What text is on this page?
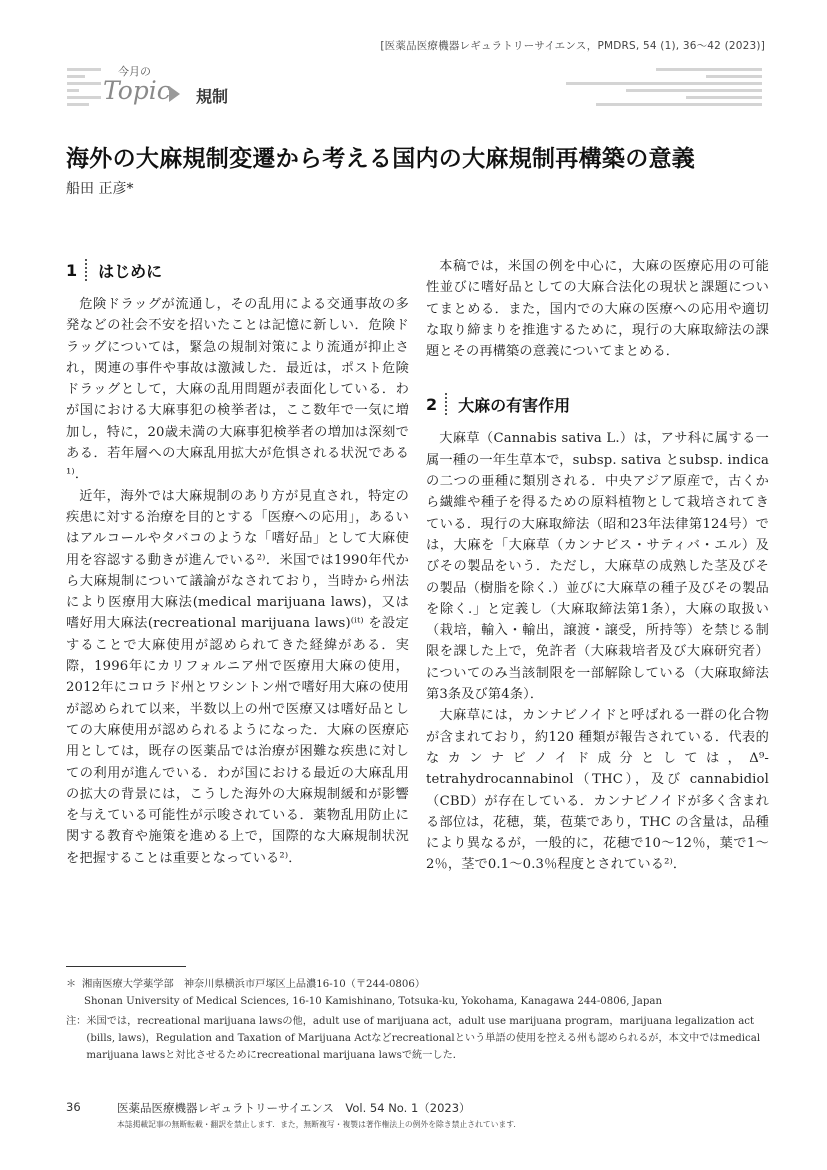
[医薬品医療機器レギュラトリーサイエンス，PMDRS, 54 (1), 36〜42 (2023)]
今月の
Topic 規制
海外の大麻規制変遷から考える国内の大麻規制再構築の意義
船田 正彦*
1 はじめに

危険ドラッグが流通し，その乱用による交通事故の多発などの社会不安を招いたことは記憶に新しい．危険ドラッグについては，緊急の規制対策により流通が抑止され，関連の事件や事故は激減した．最近は，ポスト危険ドラッグとして，大麻の乱用問題が表面化している．わが国における大麻事犯の検挙者は，ここ数年で一気に増加し，特に，20歳未満の大麻事犯検挙者の増加は深刻である．若年層への大麻乱用拡大が危惧される状況である¹⁾．

近年，海外では大麻規制のあり方が見直され，特定の疾患に対する治療を目的とする「医療への応用」，あるいはアルコールやタバコのような「嗜好品」として大麻使用を容認する動きが進んでいる²⁾．米国では1990年代から大麻規制について議論がなされており，当時から州法により医療用大麻法(medical marijuana laws)，又は嗜好用大麻法(recreational marijuana laws)⁽ⁱᵗ⁾ を設定することで大麻使用が認められてきた経緯がある．実際，1996年にカリフォルニア州で医療用大麻の使用，2012年にコロラド州とワシントン州で嗜好用大麻の使用が認められて以来，半数以上の州で医療又は嗜好品としての大麻使用が認められるようになった．大麻の医療応用としては，既存の医薬品では治療が困難な疾患に対しての利用が進んでいる．わが国における最近の大麻乱用の拡大の背景には，こうした海外の大麻規制緩和が影響を与えている可能性が示唆されている．薬物乱用防止に関する教育や施策を進める上で，国際的な大麻規制状況を把握することは重要となっている²⁾．

本稿では，米国の例を中心に，大麻の医療応用の可能性並びに嗜好品としての大麻合法化の現状と課題についてまとめる．また，国内での大麻の医療への応用や適切な取り締まりを推進するために，現行の大麻取締法の課題とその再構築の意義についてまとめる．

2 大麻の有害作用

大麻草（Cannabis sativa L.）は，アサ科に属する一属一種の一年生草本で，subsp. sativa とsubsp. indica の二つの亜種に類別される．中央アジア原産で，古くから繊維や種子を得るための原料植物として栽培されてきている．現行の大麻取締法（昭和23年法律第124号）では，大麻を「大麻草（カンナビス・サティバ・エル）及びその製品をいう．ただし，大麻草の成熟した茎及びその製品（樹脂を除く.）並びに大麻草の種子及びその製品を除く.」と定義し（大麻取締法第1条），大麻の取扱い（栽培，輸入・輸出，譲渡・譲受，所持等）を禁じる制限を課した上で，免許者（大麻栽培者及び大麻研究者）についてのみ当該制限を一部解除している（大麻取締法第3条及び第4条）．

大麻草には，カンナビノイドと呼ばれる一群の化合物が含まれており，約120 種類が報告されている．代表的なカンナビノイド成分としては，Δ⁹-tetrahydrocannabinol（THC），及び cannabidiol（CBD）が存在している．カンナビノイドが多く含まれる部位は，花穂，葉，苞葉であり，THC の含量は，品種により異なるが，一般的に，花穂で10〜12％，葉で1〜2％，茎で0.1〜0.3％程度とされている²⁾．

＊ 湘南医療大学薬学部　神奈川県横浜市戸塚区上品濃16-10（〒244-0806）
Shonan University of Medical Sciences, 16-10 Kamishinano, Totsuka-ku, Yokohama, Kanagawa 244-0806, Japan
注： 米国では，recreational marijuana lawsの他，adult use of marijuana act，adult use marijuana program，marijuana legalization act (bills, laws)，Regulation and Taxation of Marijuana Actなどrecreationalという単語の使用を控える州も認められるが，本文中ではmedical marijuana lawsと対比させるためにrecreational marijuana lawsで統一した．
36	医薬品医療機器レギュラトリーサイエンス　Vol. 54 No. 1（2023）
本誌掲載記事の無断転載・翻訳を禁止します．また，無断複写・複製は著作権法上の例外を除き禁止されています．
